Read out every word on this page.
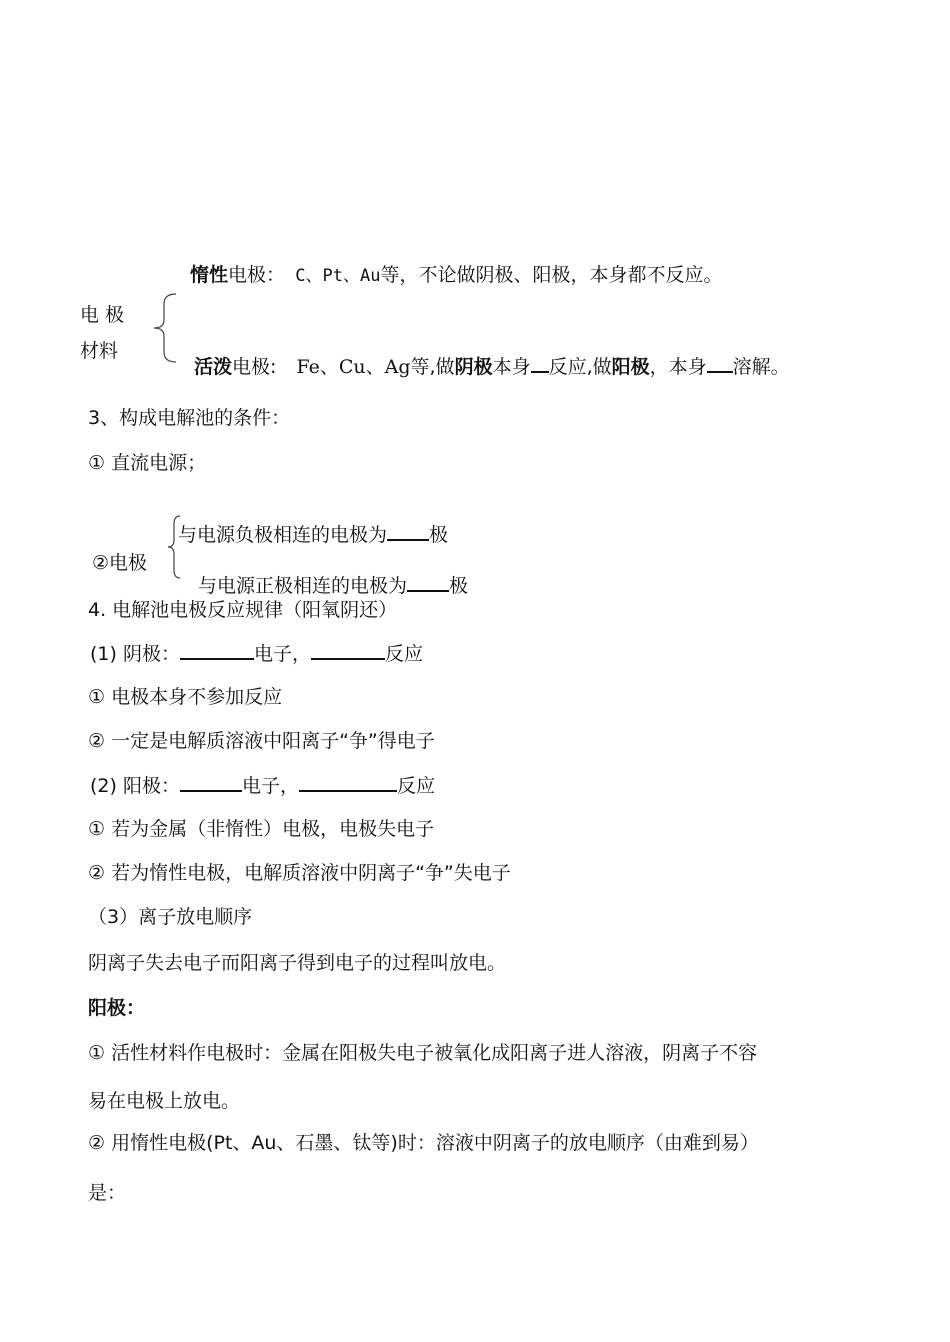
惰性电极： C、Pt、Au等，不论做阴极、阳极，本身都不反应。
电 极
材料
活泼电极: Fe、Cu、Ag等,做阴极本身 反应,做阳极，本身 溶解。
3、构成电解池的条件：
① 直流电源；
与电源负极相连的电极为 极
②电极
与电源正极相连的电极为 极
4. 电解池电极反应规律（阳氧阴还）
(1) 阴极：	电子，	反应
① 电极本身不参加反应
② 一定是电解质溶液中阳离子“争”得电子
(2) 阳极：	电子，	反应
① 若为金属（非惰性）电极，电极失电子
② 若为惰性电极，电解质溶液中阴离子“争”失电子
（3）离子放电顺序
阴离子失去电子而阳离子得到电子的过程叫放电。
阳极：
① 活性材料作电极时：金属在阳极失电子被氧化成阳离子进人溶液，阴离子不容
易在电极上放电。
② 用惰性电极(Pt、Au、石墨、钛等)时：溶液中阴离子的放电顺序（由难到易）
是：
